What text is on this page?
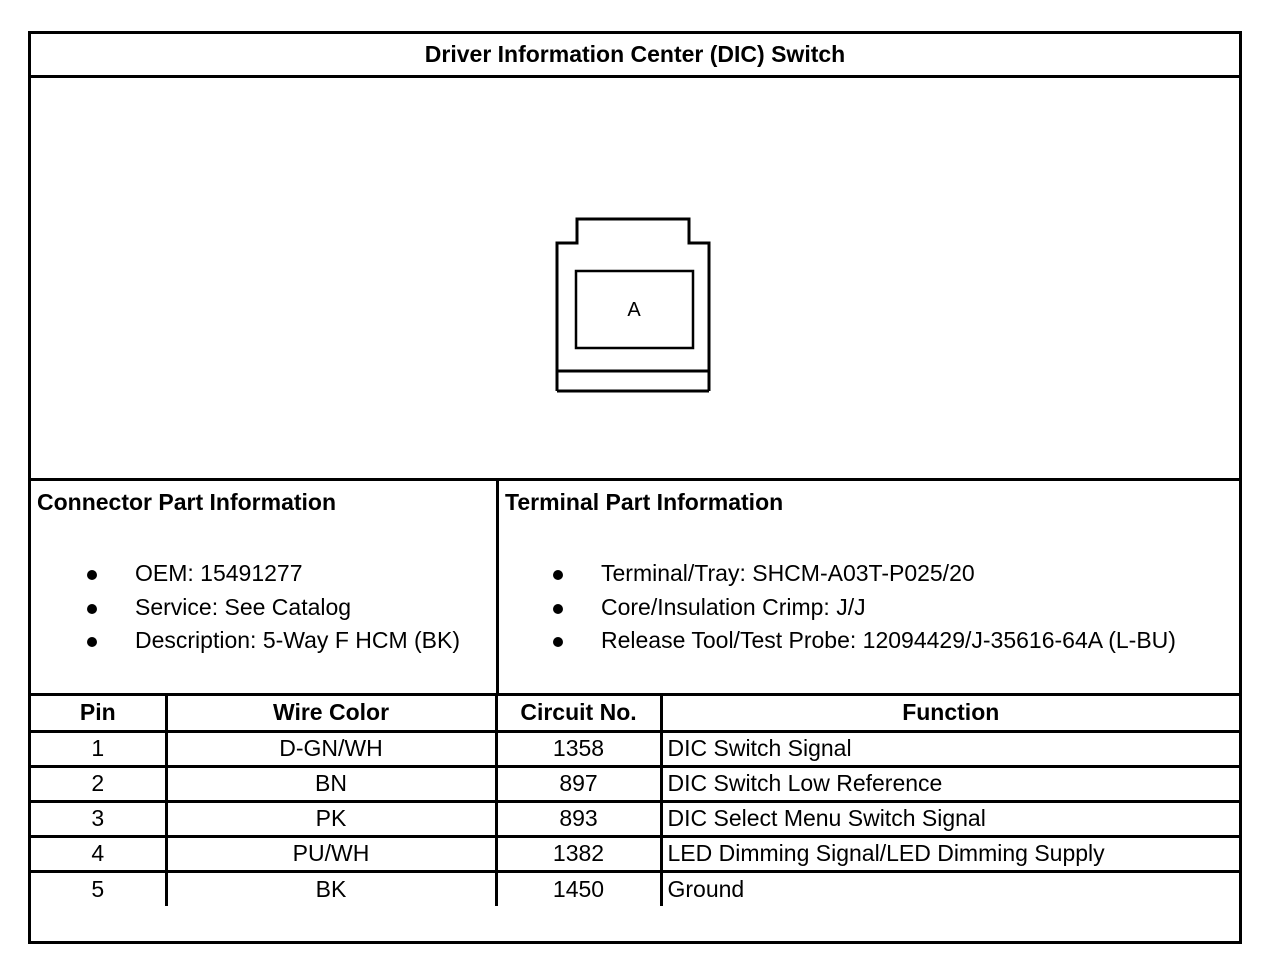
Driver Information Center (DIC) Switch
A
Connector Part Information
OEM: 15491277
Service: See Catalog
Description: 5-Way F HCM (BK)
Terminal Part Information
Terminal/Tray: SHCM-A03T-P025/20
Core/Insulation Crimp: J/J
Release Tool/Test Probe: 12094429/J-35616-64A (L-BU)
Pin	Wire Color	Circuit No.	Function
1	D-GN/WH	1358	DIC Switch Signal
2	BN	897	DIC Switch Low Reference
3	PK	893	DIC Select Menu Switch Signal
4	PU/WH	1382	LED Dimming Signal/LED Dimming Supply
5	BK	1450	Ground
